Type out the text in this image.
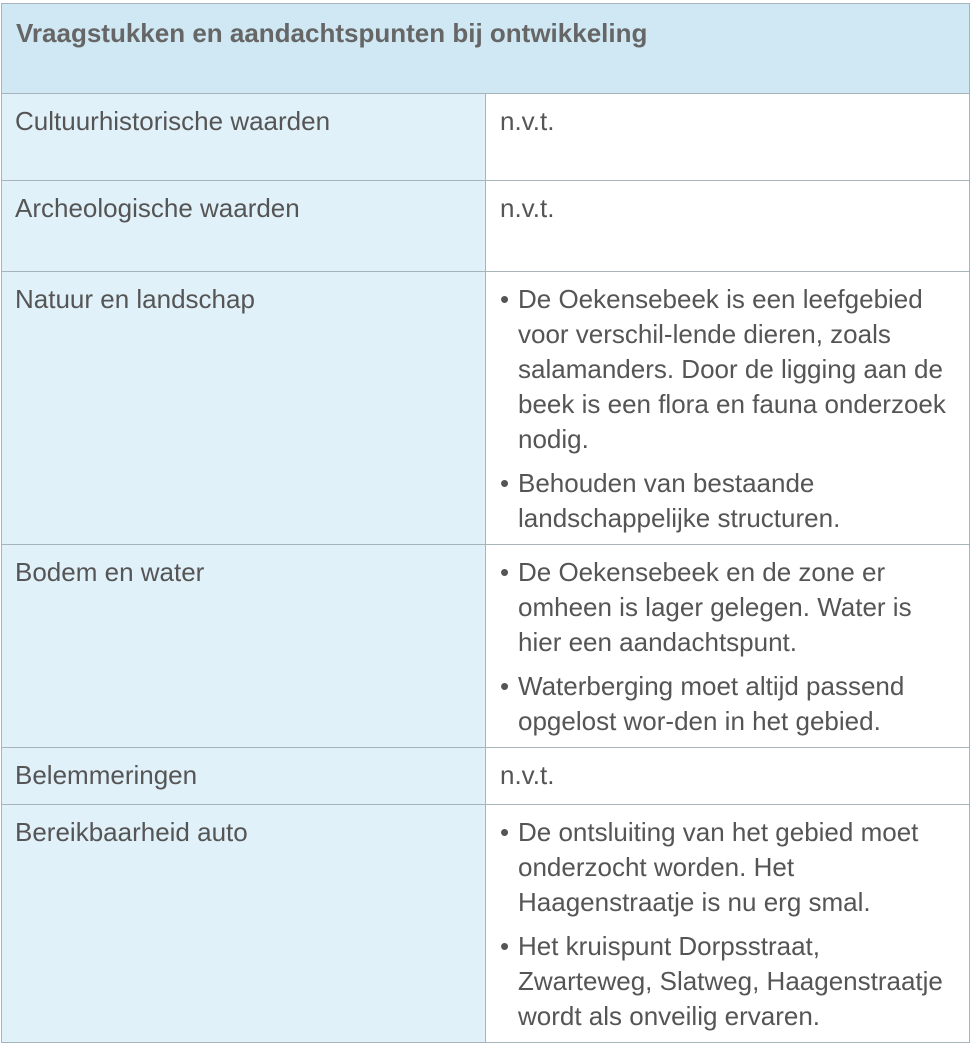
Vraagstukken en aandachtspunten bij ontwikkeling	
Cultuurhistorische waarden	n.v.t.

Archeologische waarden	n.v.t.

Natuur en landschap	• De Oekensebeek is een leefgebied voor verschil-lende dieren, zoals salamanders. Door de ligging aan de beek is een flora en fauna onderzoek nodig.
• Behouden van bestaande landschappelijke structuren.

Bodem en water	• De Oekensebeek en de zone er omheen is lager gelegen. Water is hier een aandachtspunt.
• Waterberging moet altijd passend opgelost wor-den in het gebied.

Belemmeringen	n.v.t.

Bereikbaarheid auto	• De ontsluiting van het gebied moet onderzocht worden. Het Haagenstraatje is nu erg smal.
• Het kruispunt Dorpsstraat, Zwarteweg, Slatweg, Haagenstraatje wordt als onveilig ervaren.
